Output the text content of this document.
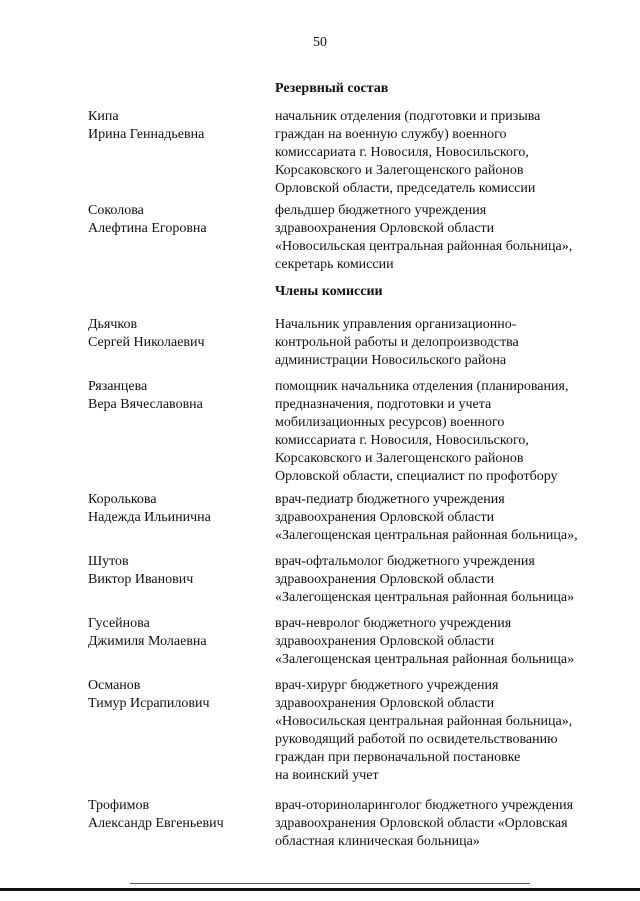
50
Резервный состав
Кипа
Ирина Геннадьевна
начальник отделения (подготовки и призыва
граждан на военную службу) военного
комиссариата г. Новосиля, Новосильского,
Корсаковского и Залегощенского районов
Орловской области, председатель комиссии
Соколова
Алефтина Егоровна
фельдшер бюджетного учреждения
здравоохранения Орловской области
«Новосильская центральная районная больница»,
секретарь комиссии
Члены комиссии
Дьячков
Сергей Николаевич
Начальник управления организационно-
контрольной работы и делопроизводства
администрации Новосильского района
Рязанцева
Вера Вячеславовна
помощник начальника отделения (планирования,
предназначения, подготовки и учета
мобилизационных ресурсов) военного
комиссариата г. Новосиля, Новосильского,
Корсаковского и Залегощенского районов
Орловской области, специалист по профотбору
Королькова
Надежда Ильинична
врач-педиатр бюджетного учреждения
здравоохранения Орловской области
«Залегощенская центральная районная больница»,
Шутов
Виктор Иванович
врач-офтальмолог бюджетного учреждения
здравоохранения Орловской области
«Залегощенская центральная районная больница»
Гусейнова
Джимиля Молаевна
врач-невролог бюджетного учреждения
здравоохранения Орловской области
«Залегощенская центральная районная больница»
Османов
Тимур Исрапилович
врач-хирург бюджетного учреждения
здравоохранения Орловской области
«Новосильская центральная районная больница»,
руководящий работой по освидетельствованию
граждан при первоначальной постановке
на воинский учет
Трофимов
Александр Евгеньевич
врач-оториноларинголог бюджетного учреждения
здравоохранения Орловской области «Орловская
областная клиническая больница»
